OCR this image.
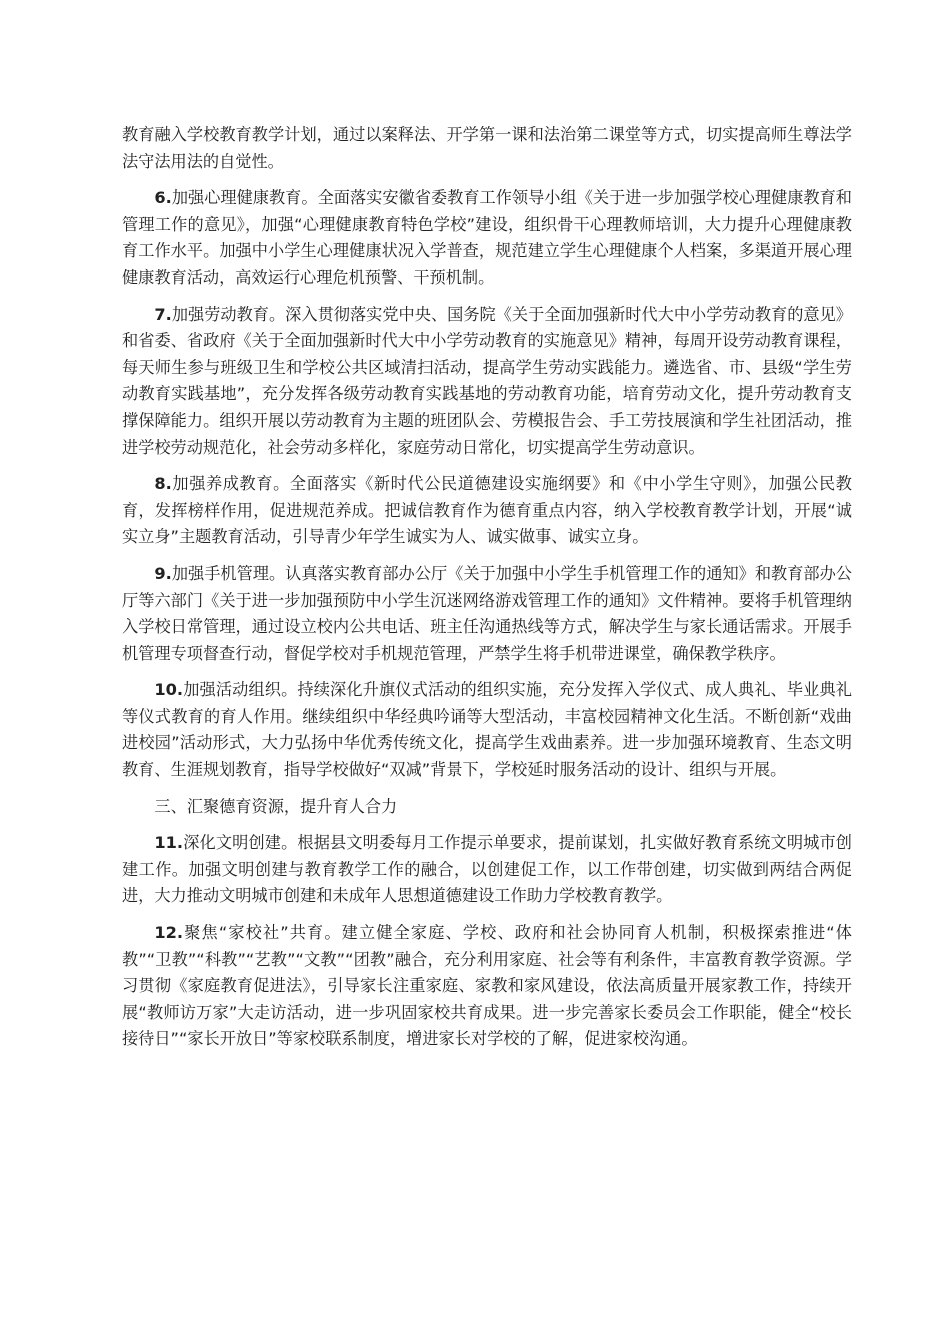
教育融入学校教育教学计划，通过以案释法、开学第一课和法治第二课堂等方式，切实提高师生尊法学法守法用法的自觉性。

6.加强心理健康教育。全面落实安徽省委教育工作领导小组《关于进一步加强学校心理健康教育和管理工作的意见》，加强“心理健康教育特色学校”建设，组织骨干心理教师培训，大力提升心理健康教育工作水平。加强中小学生心理健康状况入学普查，规范建立学生心理健康个人档案，多渠道开展心理健康教育活动，高效运行心理危机预警、干预机制。

7.加强劳动教育。深入贯彻落实党中央、国务院《关于全面加强新时代大中小学劳动教育的意见》和省委、省政府《关于全面加强新时代大中小学劳动教育的实施意见》精神，每周开设劳动教育课程，每天师生参与班级卫生和学校公共区域清扫活动，提高学生劳动实践能力。遴选省、市、县级“学生劳动教育实践基地”，充分发挥各级劳动教育实践基地的劳动教育功能，培育劳动文化，提升劳动教育支撑保障能力。组织开展以劳动教育为主题的班团队会、劳模报告会、手工劳技展演和学生社团活动，推进学校劳动规范化，社会劳动多样化，家庭劳动日常化，切实提高学生劳动意识。

8.加强养成教育。全面落实《新时代公民道德建设实施纲要》和《中小学生守则》，加强公民教育，发挥榜样作用，促进规范养成。把诚信教育作为德育重点内容，纳入学校教育教学计划，开展“诚实立身”主题教育活动，引导青少年学生诚实为人、诚实做事、诚实立身。

9.加强手机管理。认真落实教育部办公厅《关于加强中小学生手机管理工作的通知》和教育部办公厅等六部门《关于进一步加强预防中小学生沉迷网络游戏管理工作的通知》文件精神。要将手机管理纳入学校日常管理，通过设立校内公共电话、班主任沟通热线等方式，解决学生与家长通话需求。开展手机管理专项督查行动，督促学校对手机规范管理，严禁学生将手机带进课堂，确保教学秩序。

10.加强活动组织。持续深化升旗仪式活动的组织实施，充分发挥入学仪式、成人典礼、毕业典礼等仪式教育的育人作用。继续组织中华经典吟诵等大型活动，丰富校园精神文化生活。不断创新“戏曲进校园”活动形式，大力弘扬中华优秀传统文化，提高学生戏曲素养。进一步加强环境教育、生态文明教育、生涯规划教育，指导学校做好“双减”背景下，学校延时服务活动的设计、组织与开展。

三、汇聚德育资源，提升育人合力

11.深化文明创建。根据县文明委每月工作提示单要求，提前谋划，扎实做好教育系统文明城市创建工作。加强文明创建与教育教学工作的融合，以创建促工作，以工作带创建，切实做到两结合两促进，大力推动文明城市创建和未成年人思想道德建设工作助力学校教育教学。

12.聚焦“家校社”共育。建立健全家庭、学校、政府和社会协同育人机制，积极探索推进“体教”“卫教”“科教”“艺教”“文教”“团教”融合，充分利用家庭、社会等有利条件，丰富教育教学资源。学习贯彻《家庭教育促进法》，引导家长注重家庭、家教和家风建设，依法高质量开展家教工作，持续开展“教师访万家”大走访活动，进一步巩固家校共育成果。进一步完善家长委员会工作职能，健全“校长接待日”“家长开放日”等家校联系制度，增进家长对学校的了解，促进家校沟通。
